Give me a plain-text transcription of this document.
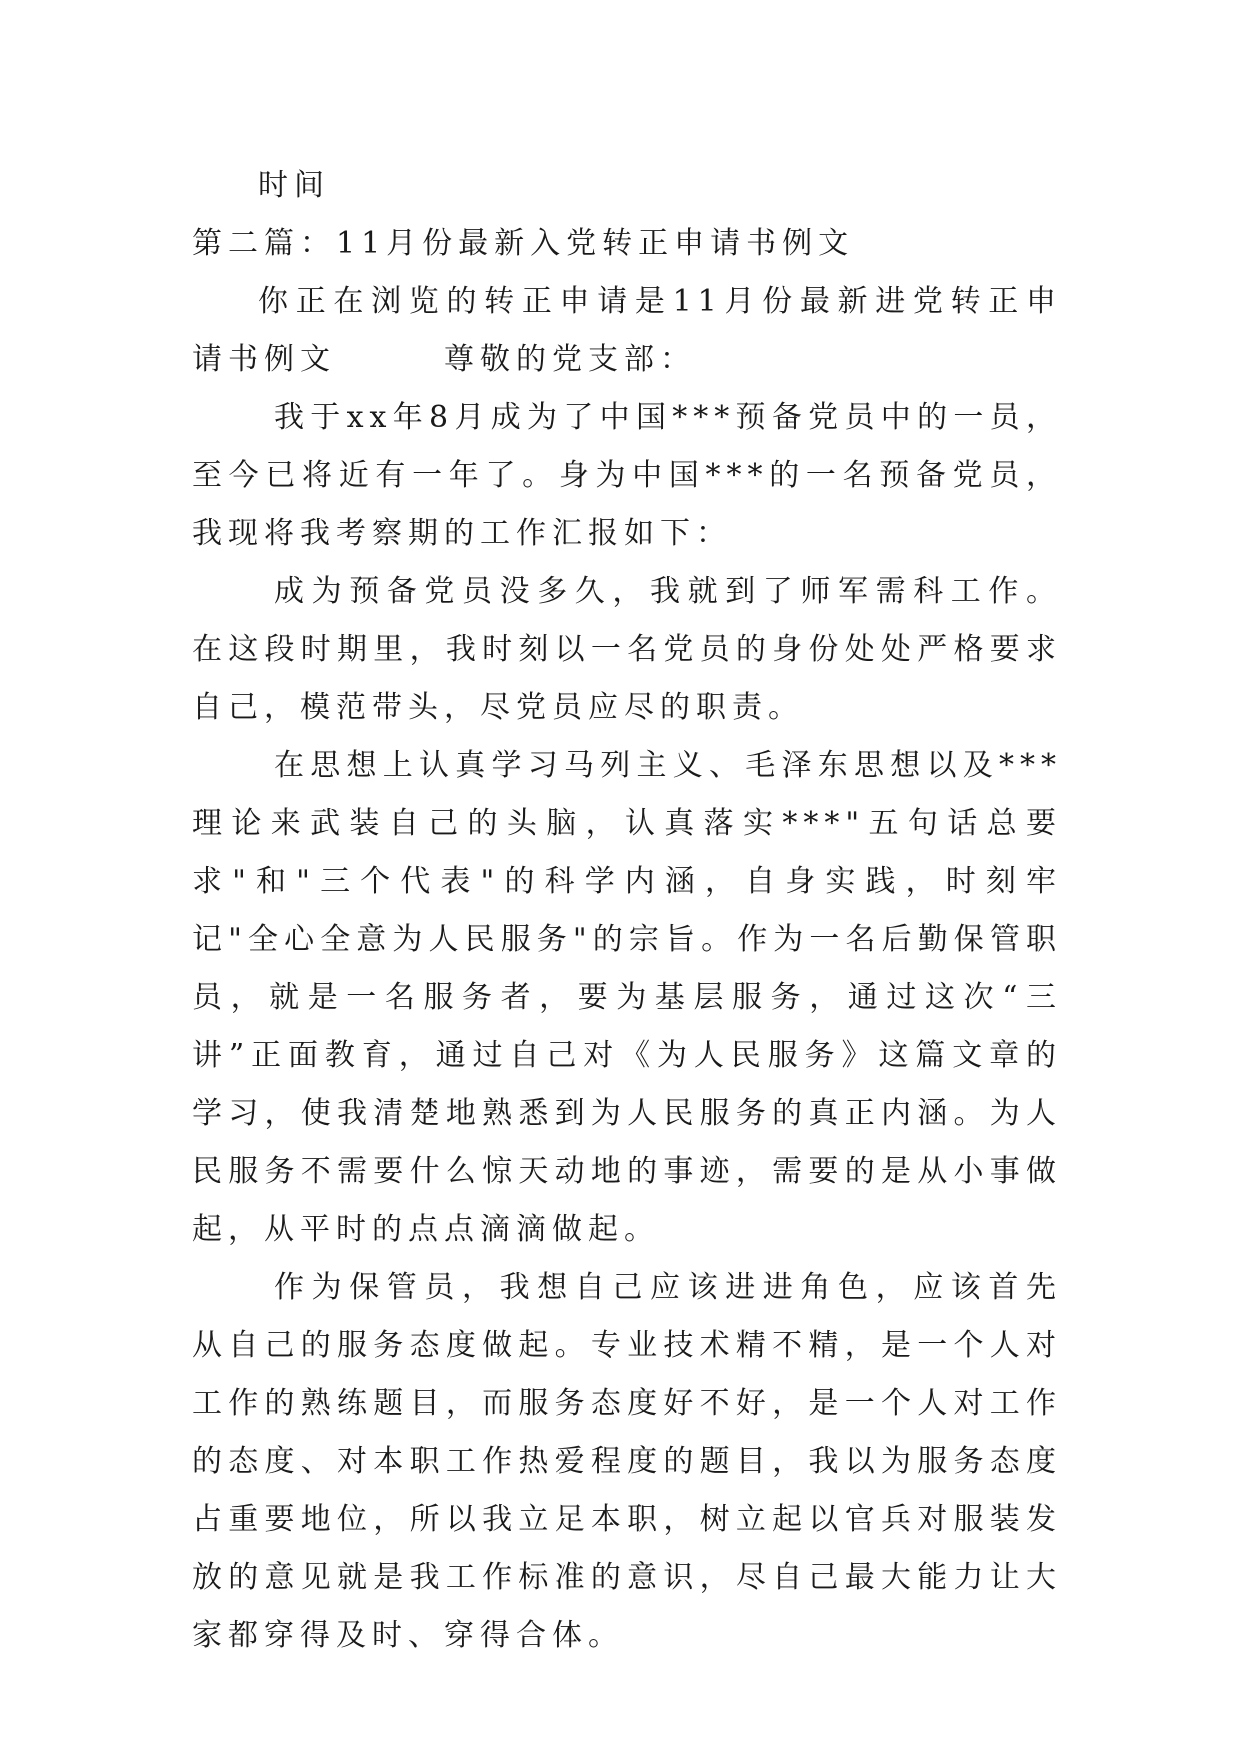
时间

第二篇：11月份最新入党转正申请书例文

你正在浏览的转正申请是11月份最新进党转正申请书例文　　　尊敬的党支部：

我于xx年8月成为了中国***预备党员中的一员，至今已将近有一年了。身为中国***的一名预备党员，我现将我考察期的工作汇报如下：

成为预备党员没多久，我就到了师军需科工作。在这段时期里，我时刻以一名党员的身份处处严格要求自己，模范带头，尽党员应尽的职责。

在思想上认真学习马列主义、毛泽东思想以及***理论来武装自己的头脑，认真落实***"五句话总要求"和"三个代表"的科学内涵，自身实践，时刻牢记"全心全意为人民服务"的宗旨。作为一名后勤保管职员，就是一名服务者，要为基层服务，通过这次“三讲”正面教育，通过自己对《为人民服务》这篇文章的学习，使我清楚地熟悉到为人民服务的真正内涵。为人民服务不需要什么惊天动地的事迹，需要的是从小事做起，从平时的点点滴滴做起。

作为保管员，我想自己应该进进角色，应该首先从自己的服务态度做起。专业技术精不精，是一个人对工作的熟练题目，而服务态度好不好，是一个人对工作的态度、对本职工作热爱程度的题目，我以为服务态度占重要地位，所以我立足本职，树立起以官兵对服装发放的意见就是我工作标准的意识，尽自己最大能力让大家都穿得及时、穿得合体。
